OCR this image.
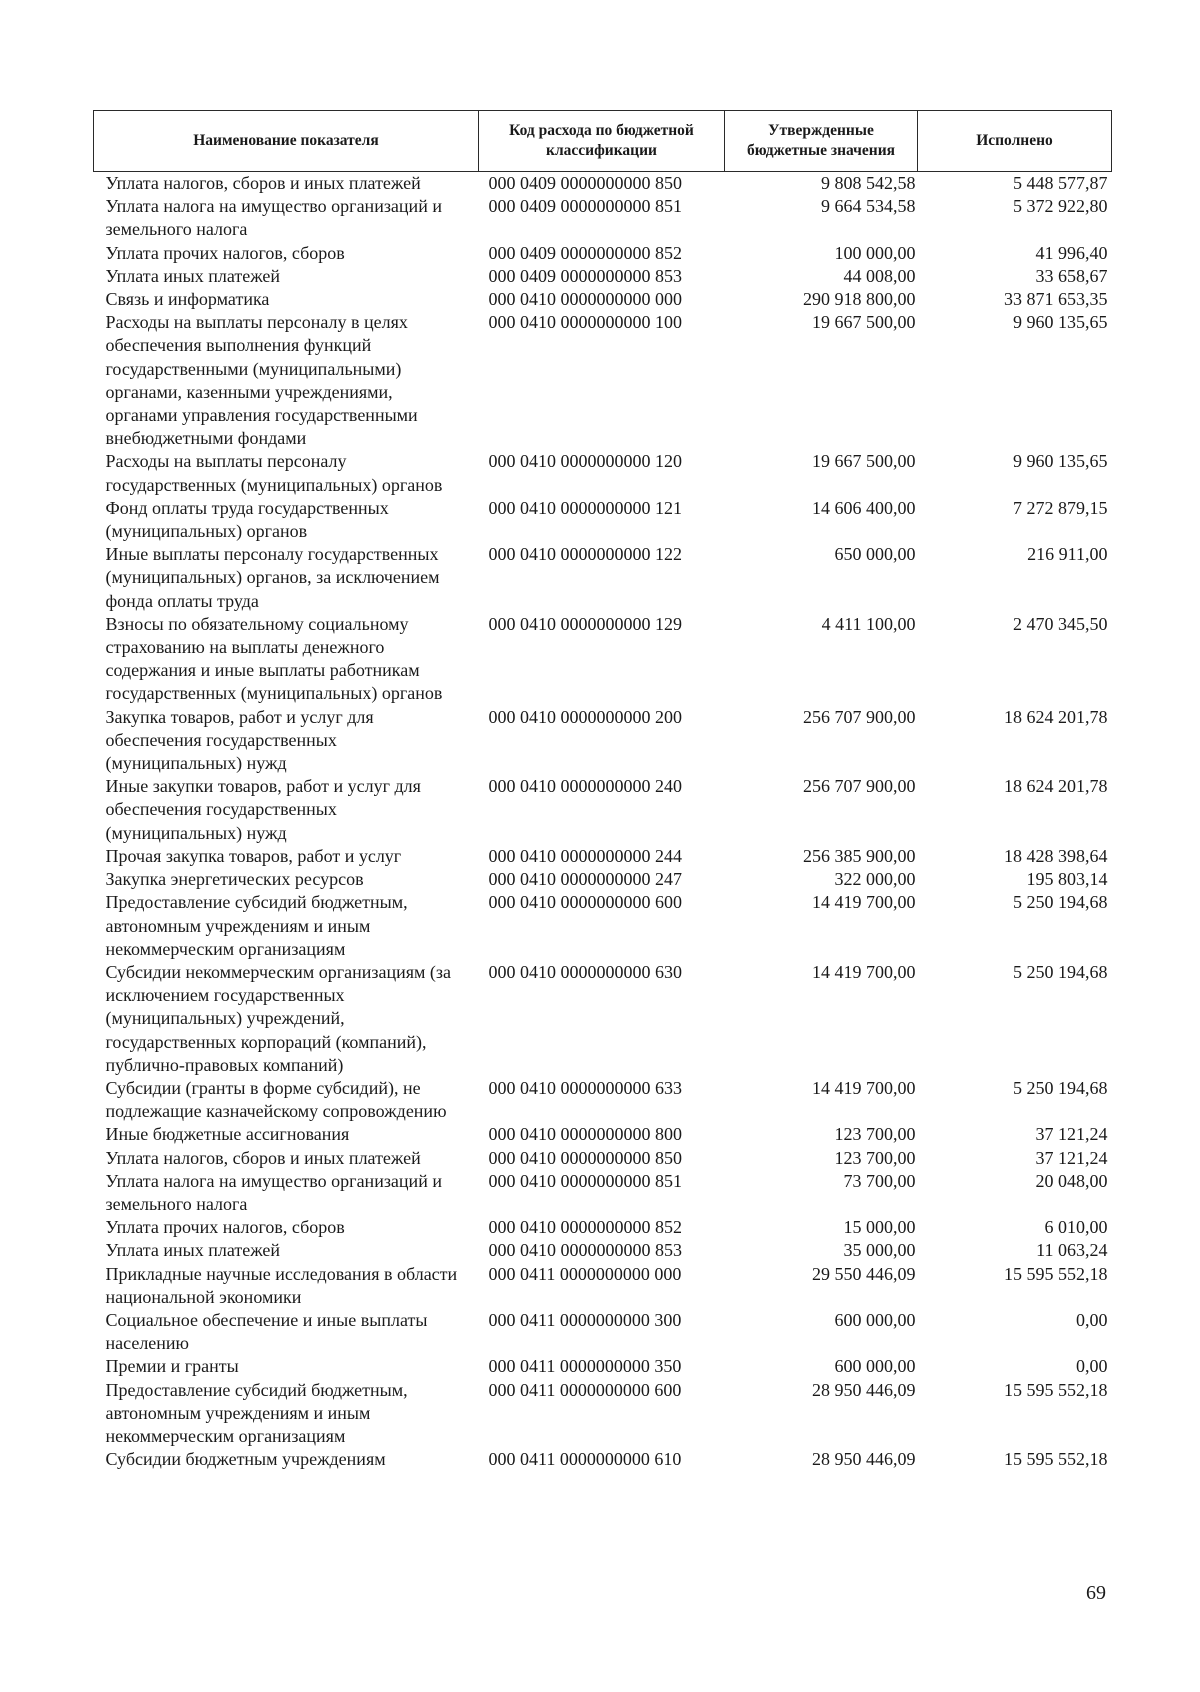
Наименование показателя	Код расхода по бюджетной классификации	Утвержденные бюджетные значения	Исполнено
Уплата налогов, сборов и иных платежей	000 0409 0000000000 850	9 808 542,58	5 448 577,87
Уплата налога на имущество организаций и земельного налога	000 0409 0000000000 851	9 664 534,58	5 372 922,80
Уплата прочих налогов, сборов	000 0409 0000000000 852	100 000,00	41 996,40
Уплата иных платежей	000 0409 0000000000 853	44 008,00	33 658,67
Связь и информатика	000 0410 0000000000 000	290 918 800,00	33 871 653,35
Расходы на выплаты персоналу в целях обеспечения выполнения функций государственными (муниципальными) органами, казенными учреждениями, органами управления государственными внебюджетными фондами	000 0410 0000000000 100	19 667 500,00	9 960 135,65
Расходы на выплаты персоналу государственных (муниципальных) органов	000 0410 0000000000 120	19 667 500,00	9 960 135,65
Фонд оплаты труда государственных (муниципальных) органов	000 0410 0000000000 121	14 606 400,00	7 272 879,15
Иные выплаты персоналу государственных (муниципальных) органов, за исключением фонда оплаты труда	000 0410 0000000000 122	650 000,00	216 911,00
Взносы по обязательному социальному страхованию на выплаты денежного содержания и иные выплаты работникам государственных (муниципальных) органов	000 0410 0000000000 129	4 411 100,00	2 470 345,50
Закупка товаров, работ и услуг для обеспечения государственных (муниципальных) нужд	000 0410 0000000000 200	256 707 900,00	18 624 201,78
Иные закупки товаров, работ и услуг для обеспечения государственных (муниципальных) нужд	000 0410 0000000000 240	256 707 900,00	18 624 201,78
Прочая закупка товаров, работ и услуг	000 0410 0000000000 244	256 385 900,00	18 428 398,64
Закупка энергетических ресурсов	000 0410 0000000000 247	322 000,00	195 803,14
Предоставление субсидий бюджетным, автономным учреждениям и иным некоммерческим организациям	000 0410 0000000000 600	14 419 700,00	5 250 194,68
Субсидии некоммерческим организациям (за исключением государственных (муниципальных) учреждений, государственных корпораций (компаний), публично-правовых компаний)	000 0410 0000000000 630	14 419 700,00	5 250 194,68
Субсидии (гранты в форме субсидий), не подлежащие казначейскому сопровождению	000 0410 0000000000 633	14 419 700,00	5 250 194,68
Иные бюджетные ассигнования	000 0410 0000000000 800	123 700,00	37 121,24
Уплата налогов, сборов и иных платежей	000 0410 0000000000 850	123 700,00	37 121,24
Уплата налога на имущество организаций и земельного налога	000 0410 0000000000 851	73 700,00	20 048,00
Уплата прочих налогов, сборов	000 0410 0000000000 852	15 000,00	6 010,00
Уплата иных платежей	000 0410 0000000000 853	35 000,00	11 063,24
Прикладные научные исследования в области национальной экономики	000 0411 0000000000 000	29 550 446,09	15 595 552,18
Социальное обеспечение и иные выплаты населению	000 0411 0000000000 300	600 000,00	0,00
Премии и гранты	000 0411 0000000000 350	600 000,00	0,00
Предоставление субсидий бюджетным, автономным учреждениям и иным некоммерческим организациям	000 0411 0000000000 600	28 950 446,09	15 595 552,18
Субсидии бюджетным учреждениям	000 0411 0000000000 610	28 950 446,09	15 595 552,18
69
